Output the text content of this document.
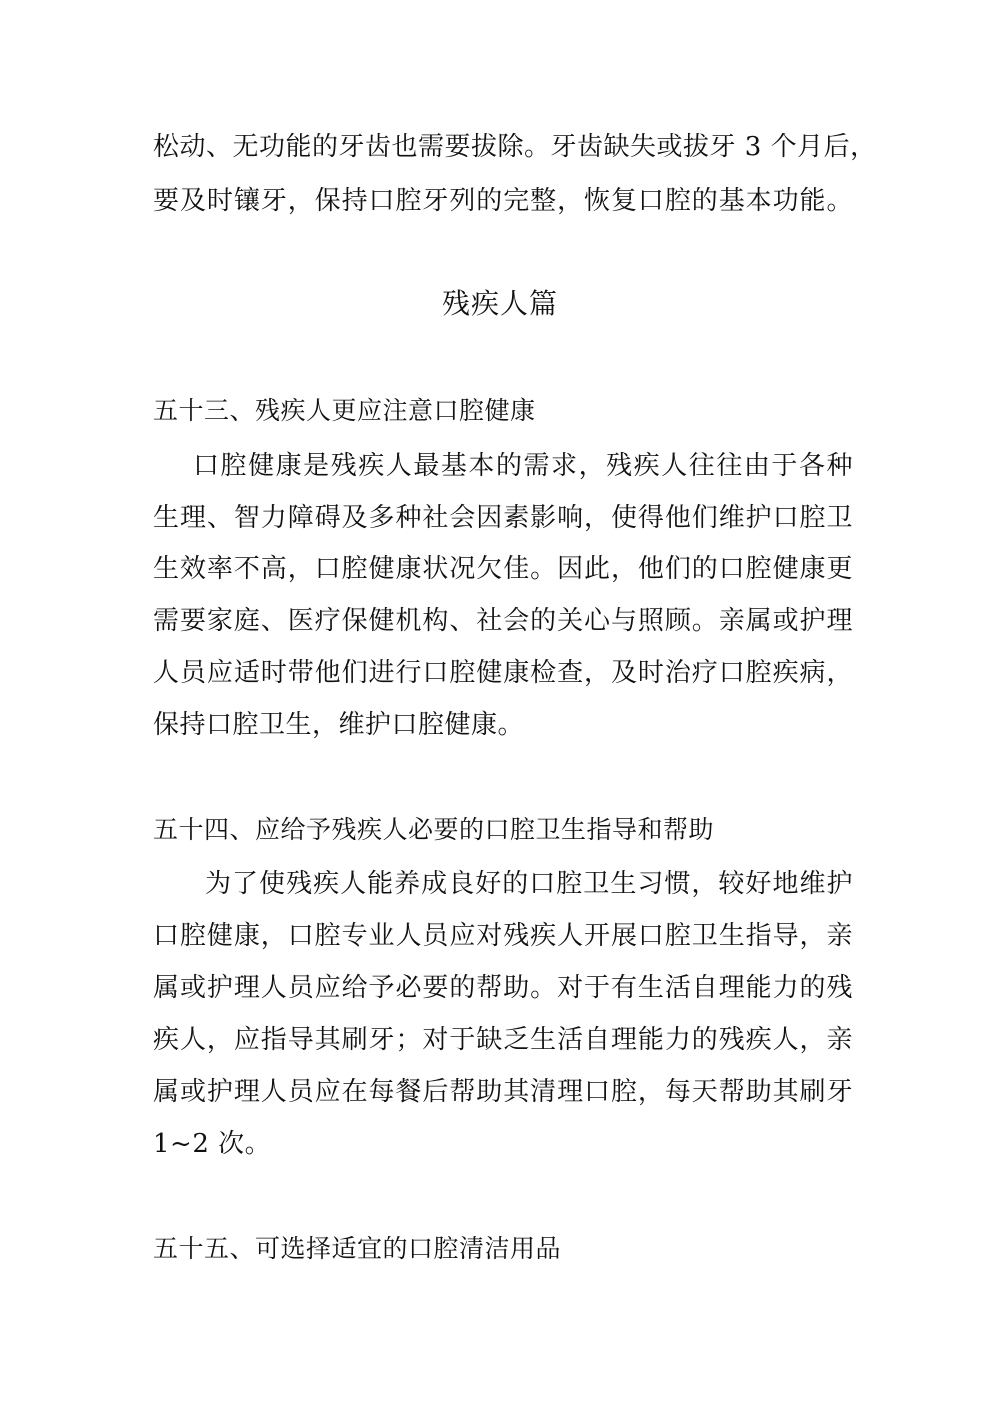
松动、无功能的牙齿也需要拔除。牙齿缺失或拔牙 3 个月后，
要及时镶牙，保持口腔牙列的完整，恢复口腔的基本功能。
残疾人篇
五十三、残疾人更应注意口腔健康
口腔健康是残疾人最基本的需求，残疾人往往由于各种
生理、智力障碍及多种社会因素影响，使得他们维护口腔卫
生效率不高，口腔健康状况欠佳。因此，他们的口腔健康更
需要家庭、医疗保健机构、社会的关心与照顾。亲属或护理
人员应适时带他们进行口腔健康检查，及时治疗口腔疾病，
保持口腔卫生，维护口腔健康。
五十四、应给予残疾人必要的口腔卫生指导和帮助
为了使残疾人能养成良好的口腔卫生习惯，较好地维护
口腔健康，口腔专业人员应对残疾人开展口腔卫生指导，亲
属或护理人员应给予必要的帮助。对于有生活自理能力的残
疾人，应指导其刷牙；对于缺乏生活自理能力的残疾人，亲
属或护理人员应在每餐后帮助其清理口腔，每天帮助其刷牙
1~2 次。
五十五、可选择适宜的口腔清洁用品
